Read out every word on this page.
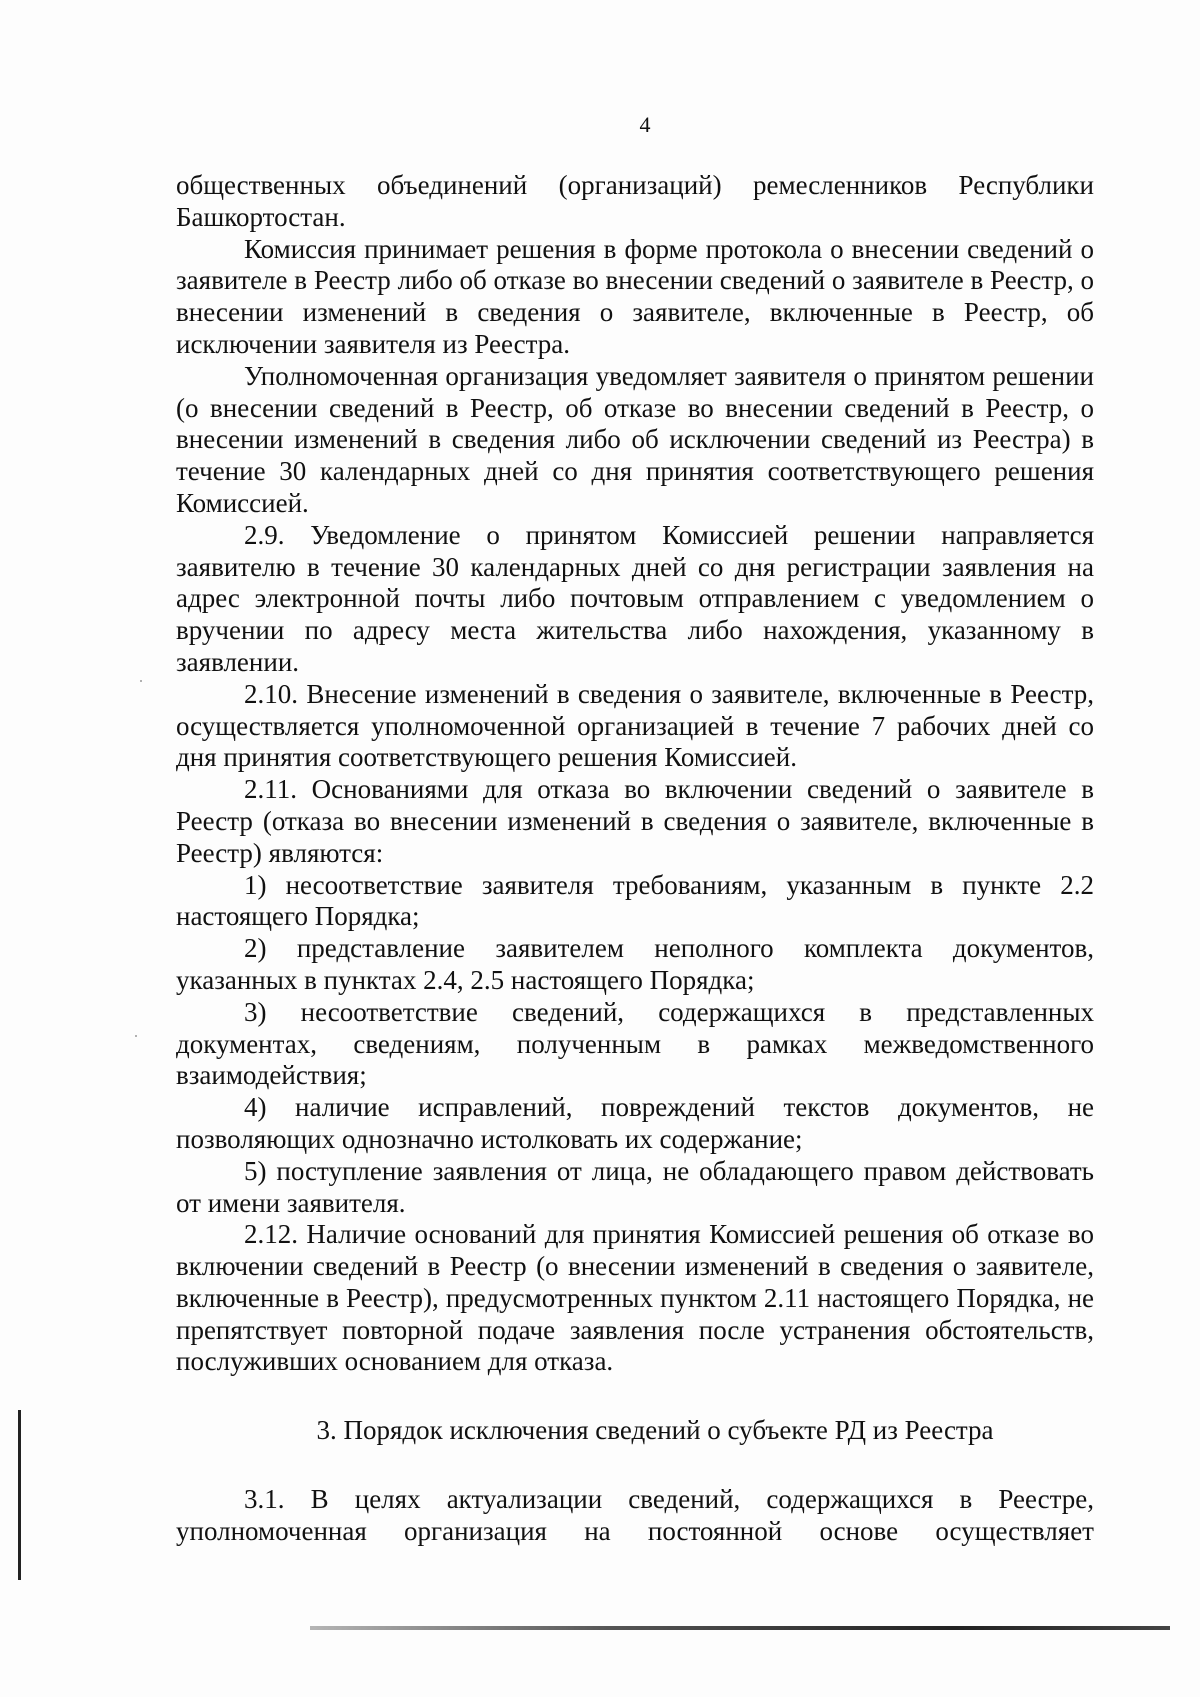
4

общественных объединений (организаций) ремесленников Республики Башкортостан.

Комиссия принимает решения в форме протокола о внесении сведений о заявителе в Реестр либо об отказе во внесении сведений о заявителе в Реестр, о внесении изменений в сведения о заявителе, включенные в Реестр, об исключении заявителя из Реестра.

Уполномоченная организация уведомляет заявителя о принятом решении (о внесении сведений в Реестр, об отказе во внесении сведений в Реестр, о внесении изменений в сведения либо об исключении сведений из Реестра) в течение 30 календарных дней со дня принятия соответствующего решения Комиссией.

2.9. Уведомление о принятом Комиссией решении направляется заявителю в течение 30 календарных дней со дня регистрации заявления на адрес электронной почты либо почтовым отправлением с уведомлением о вручении по адресу места жительства либо нахождения, указанному в заявлении.

2.10. Внесение изменений в сведения о заявителе, включенные в Реестр, осуществляется уполномоченной организацией в течение 7 рабочих дней со дня принятия соответствующего решения Комиссией.

2.11. Основаниями для отказа во включении сведений о заявителе в Реестр (отказа во внесении изменений в сведения о заявителе, включенные в Реестр) являются:

1) несоответствие заявителя требованиям, указанным в пункте 2.2 настоящего Порядка;

2) представление заявителем неполного комплекта документов, указанных в пунктах 2.4, 2.5 настоящего Порядка;

3) несоответствие сведений, содержащихся в представленных документах, сведениям, полученным в рамках межведомственного взаимодействия;

4) наличие исправлений, повреждений текстов документов, не позволяющих однозначно истолковать их содержание;

5) поступление заявления от лица, не обладающего правом действовать от имени заявителя.

2.12. Наличие оснований для принятия Комиссией решения об отказе во включении сведений в Реестр (о внесении изменений в сведения о заявителе, включенные в Реестр), предусмотренных пунктом 2.11 настоящего Порядка, не препятствует повторной подаче заявления после устранения обстоятельств, послуживших основанием для отказа.

3. Порядок исключения сведений о субъекте РД из Реестра

3.1. В целях актуализации сведений, содержащихся в Реестре, уполномоченная организация на постоянной основе осуществляет
